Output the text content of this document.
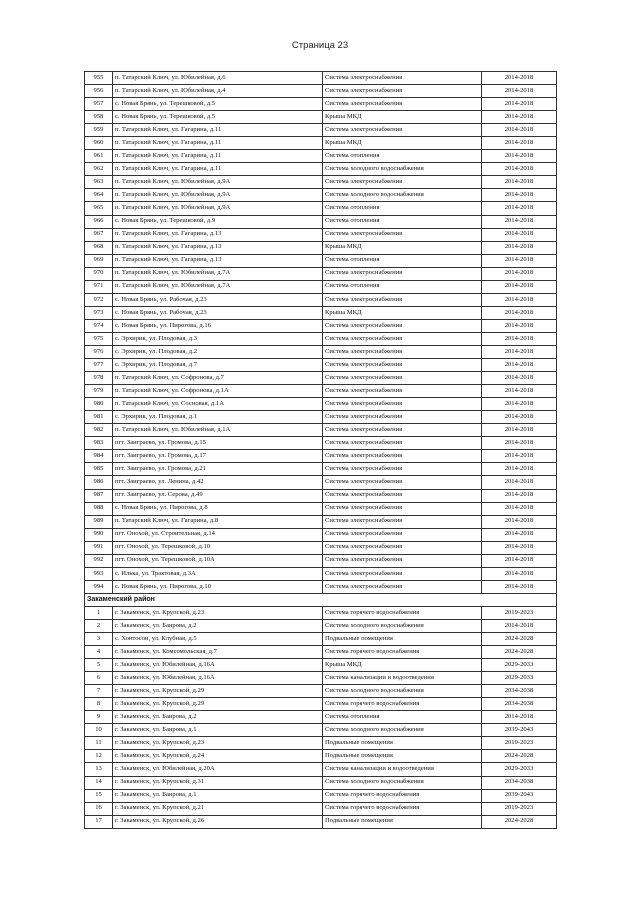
Страница 23
955	п. Татарский Ключ, ул. Юбилейная, д.6	Система электроснабжения	2014-2018
956	п. Татарский Ключ, ул. Юбилейная, д.4	Система электроснабжения	2014-2018
957	с. Новая Брянь, ул. Терешковой, д.5	Система электроснабжения	2014-2018
958	с. Новая Брянь, ул. Терешковой, д.5	Крыша МКД	2014-2018
959	п. Татарский Ключ, ул. Гагарина, д.11	Система электроснабжения	2014-2018
960	п. Татарский Ключ, ул. Гагарина, д.11	Крыша МКД	2014-2018
961	п. Татарский Ключ, ул. Гагарина, д.11	Система отопления	2014-2018
962	п. Татарский Ключ, ул. Гагарина, д.11	Система холодного водоснабжения	2014-2018
963	п. Татарский Ключ, ул. Юбилейная, д.9А	Система электроснабжения	2014-2018
964	п. Татарский Ключ, ул. Юбилейная, д.9А	Система холодного водоснабжения	2014-2018
965	п. Татарский Ключ, ул. Юбилейная, д.9А	Система отопления	2014-2018
966	с. Новая Брянь, ул. Терешковой, д.9	Система отопления	2014-2018
967	п. Татарский Ключ, ул. Гагарина, д.13	Система электроснабжения	2014-2018
968	п. Татарский Ключ, ул. Гагарина, д.13	Крыша МКД	2014-2018
969	п. Татарский Ключ, ул. Гагарина, д.13	Система отопления	2014-2018
970	п. Татарский Ключ, ул. Юбилейная, д.7А	Система электроснабжения	2014-2018
971	п. Татарский Ключ, ул. Юбилейная, д.7А	Система отопления	2014-2018
972	с. Новая Брянь, ул. Рабочая, д.23	Система электроснабжения	2014-2018
973	с. Новая Брянь, ул. Рабочая, д.23	Крыша МКД	2014-2018
974	с. Новая Брянь, ул. Пирогова, д.16	Система электроснабжения	2014-2018
975	с. Эрхирик, ул. Плодовая, д.3	Система электроснабжения	2014-2018
976	с. Эрхирик, ул. Плодовая, д.2	Система электроснабжения	2014-2018
977	с. Эрхирик, ул. Плодовая, д.7	Система электроснабжения	2014-2018
978	п. Татарский Ключ, ул. Софронова, д.7	Система электроснабжения	2014-2018
979	п. Татарский Ключ, ул. Софронова, д.1А	Система электроснабжения	2014-2018
980	п. Татарский Ключ, ул. Сосновая, д.1А	Система электроснабжения	2014-2018
981	с. Эрхирик, ул. Плодовая, д.1	Система электроснабжения	2014-2018
982	п. Татарский Ключ, ул. Юбилейная, д.1А	Система электроснабжения	2014-2018
983	пгт. Заиграево, ул. Громова, д.15	Система электроснабжения	2014-2018
984	пгт. Заиграево, ул. Громова, д.17	Система электроснабжения	2014-2018
985	пгт. Заиграево, ул. Громова, д.21	Система электроснабжения	2014-2018
986	пгт. Заиграево, ул. Ленина, д.42	Система электроснабжения	2014-2018
987	пгт. Заиграево, ул. Серова, д.49	Система электроснабжения	2014-2018
988	с. Новая Брянь, ул. Пирогова, д.8	Система электроснабжения	2014-2018
989	п. Татарский Ключ, ул. Гагарина, д.8	Система электроснабжения	2014-2018
990	пгт. Онохой, ул. Строительная, д.14	Система электроснабжения	2014-2018
991	пгт. Онохой, ул. Терешковой, д.10	Система электроснабжения	2014-2018
992	пгт. Онохой, ул. Терешковой, д.10А	Система электроснабжения	2014-2018
993	с. Илька, ул. Трактовая, д.3А	Система электроснабжения	2014-2018
994	с. Новая Брянь, ул. Пирогова, д.10	Система электроснабжения	2014-2018
Закаменский район			
1	г. Закаменск, ул. Крупской, д.23	Система горячего водоснабжения	2019-2023
2	г. Закаменск, ул. Баирова, д.2	Система холодного водоснабжения	2014-2018
3	с. Хонтосон, ул. Клубная, д.5	Подвальные помещения	2024-2028
4	г. Закаменск, ул. Комсомольская, д.7	Система горячего водоснабжения	2024-2028
5	г. Закаменск, ул. Юбилейная, д.16А	Крыша МКД	2029-2033
6	г. Закаменск, ул. Юбилейная, д.16А	Система канализации и водоотведения	2029-2033
7	г. Закаменск, ул. Крупской, д.29	Система холодного водоснабжения	2034-2038
8	г. Закаменск, ул. Крупской, д.29	Система горячего водоснабжения	2034-2038
9	г. Закаменск, ул. Баирова, д.2	Система отопления	2014-2018
10	г. Закаменск, ул. Баирова, д.1	Система холодного водоснабжения	2039-2043
11	г. Закаменск, ул. Крупской, д.23	Подвальные помещения	2019-2023
12	г. Закаменск, ул. Крупской, д.24	Подвальные помещения	2024-2028
13	г. Закаменск, ул. Юбилейная, д.20А	Система канализации и водоотведения	2029-2033
14	г. Закаменск, ул. Крупской, д.31	Система холодного водоснабжения	2034-2038
15	г. Закаменск, ул. Баирова, д.1	Система горячего водоснабжения	2039-2043
16	г. Закаменск, ул. Крупской, д.21	Система горячего водоснабжения	2019-2023
17	г. Закаменск, ул. Крупской, д.26	Подвальные помещения	2024-2028
